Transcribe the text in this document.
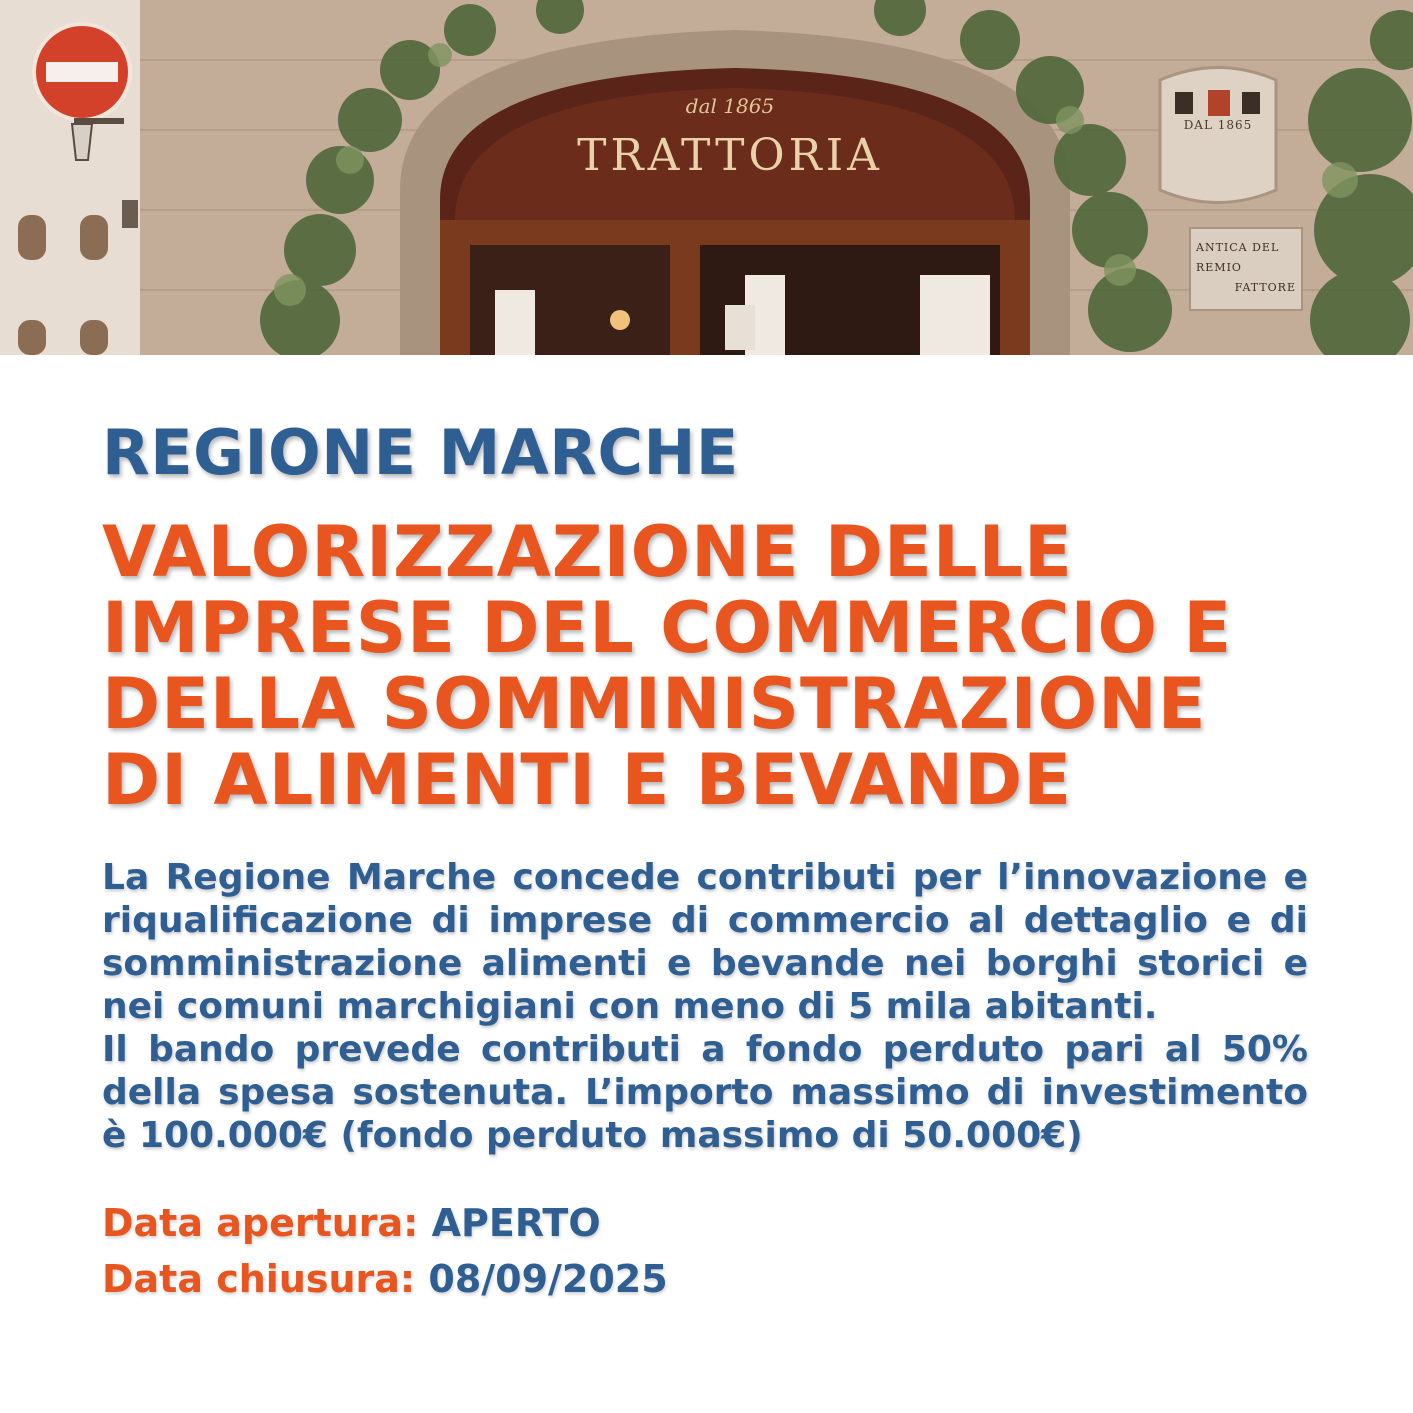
dal 1865
TRATTORIA
DAL 1865
ANTICA DEL
REMIO
FATTORE
REGIONE MARCHE
VALORIZZAZIONE DELLE IMPRESE DEL COMMERCIO E DELLA SOMMINISTRAZIONE DI ALIMENTI E BEVANDE

La Regione Marche concede contributi per l’innovazione e riqualificazione di imprese di commercio al dettaglio e di somministrazione alimenti e bevande nei borghi storici e nei comuni marchigiani con meno di 5 mila abitanti.

Il bando prevede contributi a fondo perduto pari al 50% della spesa sostenuta. L’importo massimo di investimento è 100.000€ (fondo perduto massimo di 50.000€)

Data apertura: APERTO
Data chiusura: 08/09/2025
